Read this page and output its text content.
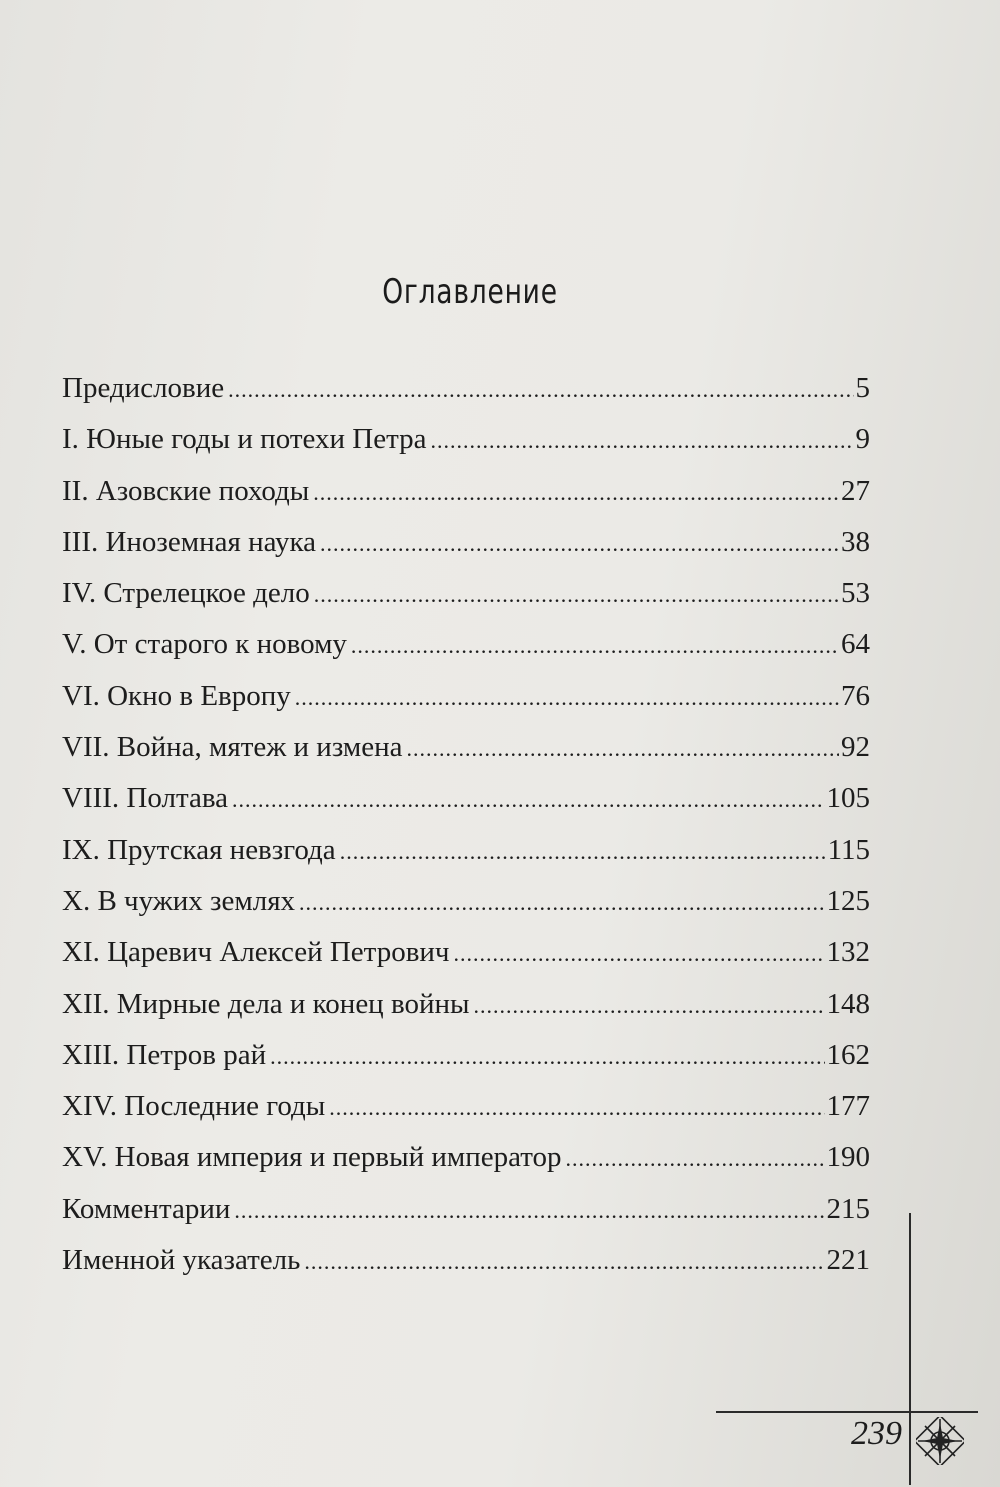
Оглавление
Предисловие .....	5
I. Юные годы и потехи Петра .....	9
II. Азовские походы .....	27
III. Иноземная наука .....	38
IV. Стрелецкое дело .....	53
V. От старого к новому .....	64
VI. Окно в Европу .....	76
VII. Война, мятеж и измена .....	92
VIII. Полтава .....	105
IX. Прутская невзгода .....	115
X. В чужих землях .....	125
XI. Царевич Алексей Петрович .....	132
XII. Мирные дела и конец войны .....	148
XIII. Петров рай .....	162
XIV. Последние годы .....	177
XV. Новая империя и первый император .....	190
Комментарии .....	215
Именной указатель .....	221
239
